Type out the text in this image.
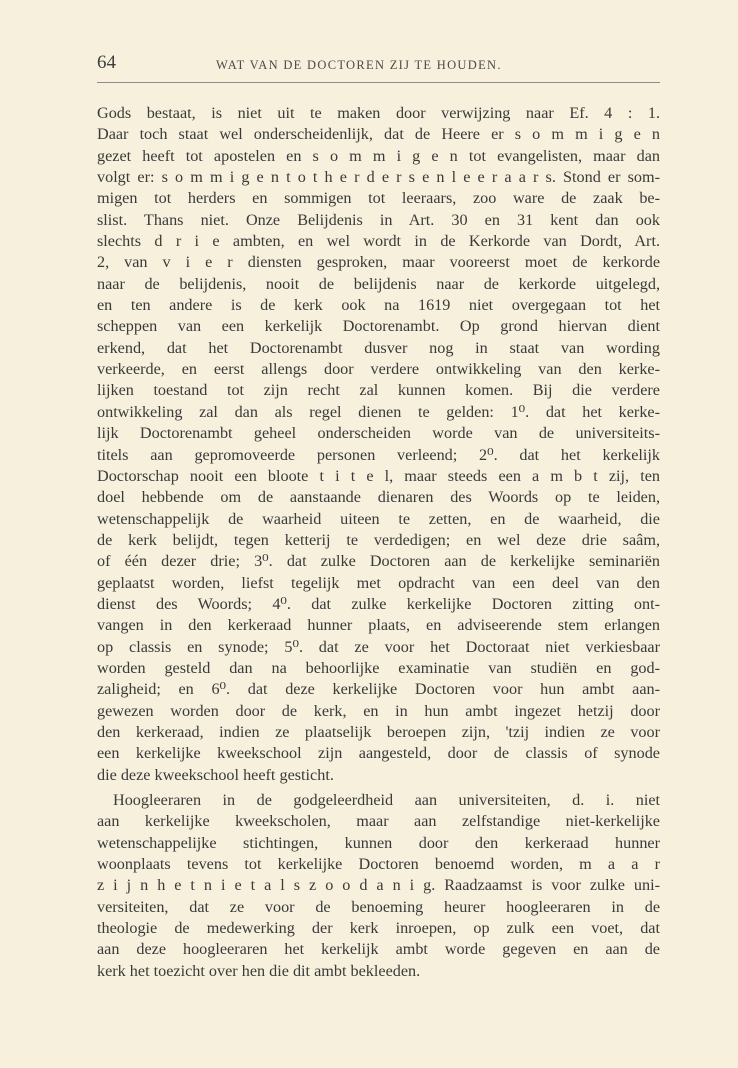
64	WAT VAN DE DOCTOREN ZIJ TE HOUDEN.
Gods bestaat, is niet uit te maken door verwijzing naar Ef. 4 : 1.
Daar toch staat wel onderscheidenlijk, dat de Heere er s o m m i g e n
gezet heeft tot apostelen en s o m m i g e n tot evangelisten, maar dan
volgt er: s o m m i g e n t o t h e r d e r s e n l e e r a a r s. Stond er som-
migen tot herders en sommigen tot leeraars, zoo ware de zaak be-
slist. Thans niet. Onze Belijdenis in Art. 30 en 31 kent dan ook
slechts d r i e ambten, en wel wordt in de Kerkorde van Dordt, Art.
2, van v i e r diensten gesproken, maar vooreerst moet de kerkorde
naar de belijdenis, nooit de belijdenis naar de kerkorde uitgelegd,
en ten andere is de kerk ook na 1619 niet overgegaan tot het
scheppen van een kerkelijk Doctorenambt. Op grond hiervan dient
erkend, dat het Doctorenambt dusver nog in staat van wording
verkeerde, en eerst allengs door verdere ontwikkeling van den kerke-
lijken toestand tot zijn recht zal kunnen komen. Bij die verdere
ontwikkeling zal dan als regel dienen te gelden: 1⁰. dat het kerke-
lijk Doctorenambt geheel onderscheiden worde van de universiteits-
titels aan gepromoveerde personen verleend; 2⁰. dat het kerkelijk
Doctorschap nooit een blootе t i t e l, maar steeds een a m b t zij, ten
doel hebbende om de aanstaande dienaren des Woords op te leiden,
wetenschappelijk de waarheid uiteen te zetten, en de waarheid, die
de kerk belijdt, tegen ketterij te verdedigen; en wel deze drie saâm,
of één dezer drie; 3⁰. dat zulke Doctoren aan de kerkelijke seminariën
geplaatst worden, liefst tegelijk met opdracht van een deel van den
dienst des Woords; 4⁰. dat zulke kerkelijke Doctoren zitting ont-
vangen in den kerkeraad hunner plaats, en adviseerende stem erlangen
op classis en synode; 5⁰. dat ze voor het Doctoraat niet verkiesbaar
worden gesteld dan na behoorlijke examinatie van studiën en god-
zaligheid; en 6⁰. dat deze kerkelijke Doctoren voor hun ambt aan-
gewezen worden door de kerk, en in hun ambt ingezet hetzij door
den kerkeraad, indien ze plaatselijk beroepen zijn, 'tzij indien ze voor
een kerkelijke kweekschool zijn aangesteld, door de classis of synode
die deze kweekschool heeft gesticht.
Hoogleeraren in de godgeleerdheid aan universiteiten, d. i. niet
aan kerkelijke kweekscholen, maar aan zelfstandige niet-kerkelijke
wetenschappelijke stichtingen, kunnen door den kerkeraad hunner
woonplaats tevens tot kerkelijke Doctoren benoemd worden, m a a r
z i j n h e t n i e t a l s z o o d a n i g. Raadzaamst is voor zulke uni-
versiteiten, dat ze voor de benoeming heurer hoogleeraren in de
theologie de medewerking der kerk inroepen, op zulk een voet, dat
aan deze hoogleeraren het kerkelijk ambt worde gegeven en aan de
kerk het toezicht over hen die dit ambt bekleeden.
